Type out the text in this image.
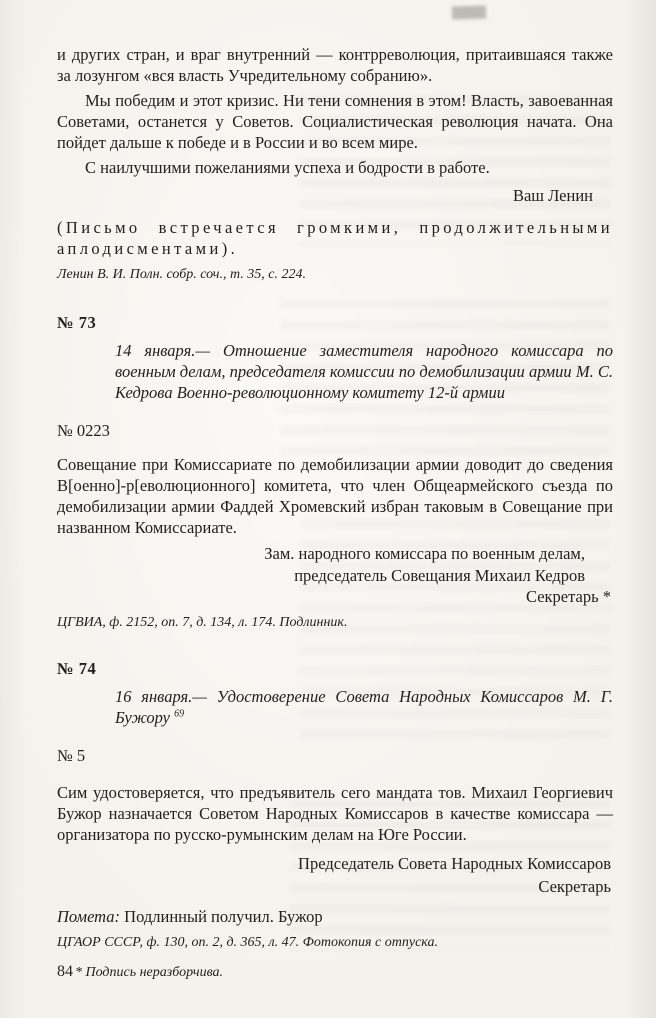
и других стран, и враг внутренний — контрреволюция, притаившаяся также за лозунгом «вся власть Учредительному собранию».

Мы победим и этот кризис. Ни тени сомнения в этом! Власть, завоеванная Советами, останется у Советов. Социалистическая революция начата. Она пойдет дальше к победе и в России и во всем мире.

С наилучшими пожеланиями успеха и бодрости в работе.

Ваш Ленин

(Письмо встречается громкими, продолжительными аплодисментами).

Ленин В. И. Полн. собр. соч., т. 35, с. 224.

№ 73

14 января.— Отношение заместителя народного комиссара по военным делам, председателя комиссии по демобилизации армии М. С. Кедрова Военно-революционному комитету 12-й армии

№ 0223

Совещание при Комиссариате по демобилизации армии доводит до сведения В[оенно]-р[еволюционного] комитета, что член Общеармейского съезда по демобилизации армии Фаддей Хромевский избран таковым в Совещание при названном Комиссариате.

Зам. народного комиссара по военным делам,

председатель Совещания Михаил Кедров

Секретарь *

ЦГВИА, ф. 2152, оп. 7, д. 134, л. 174. Подлинник.

№ 74

16 января.— Удостоверение Совета Народных Комиссаров М. Г. Бужору $^{69}$

№ 5

Сим удостоверяется, что предъявитель сего мандата тов. Михаил Георгиевич Бужор назначается Советом Народных Комиссаров в качестве комиссара — организатора по русско-румынским делам на Юге России.

Председатель Совета Народных Комиссаров

Секретарь

Помета: Подлинный получил. Бужор

ЦГАОР СССР, ф. 130, оп. 2, д. 365, л. 47. Фотокопия с отпуска.

* Подпись неразборчива.

84
